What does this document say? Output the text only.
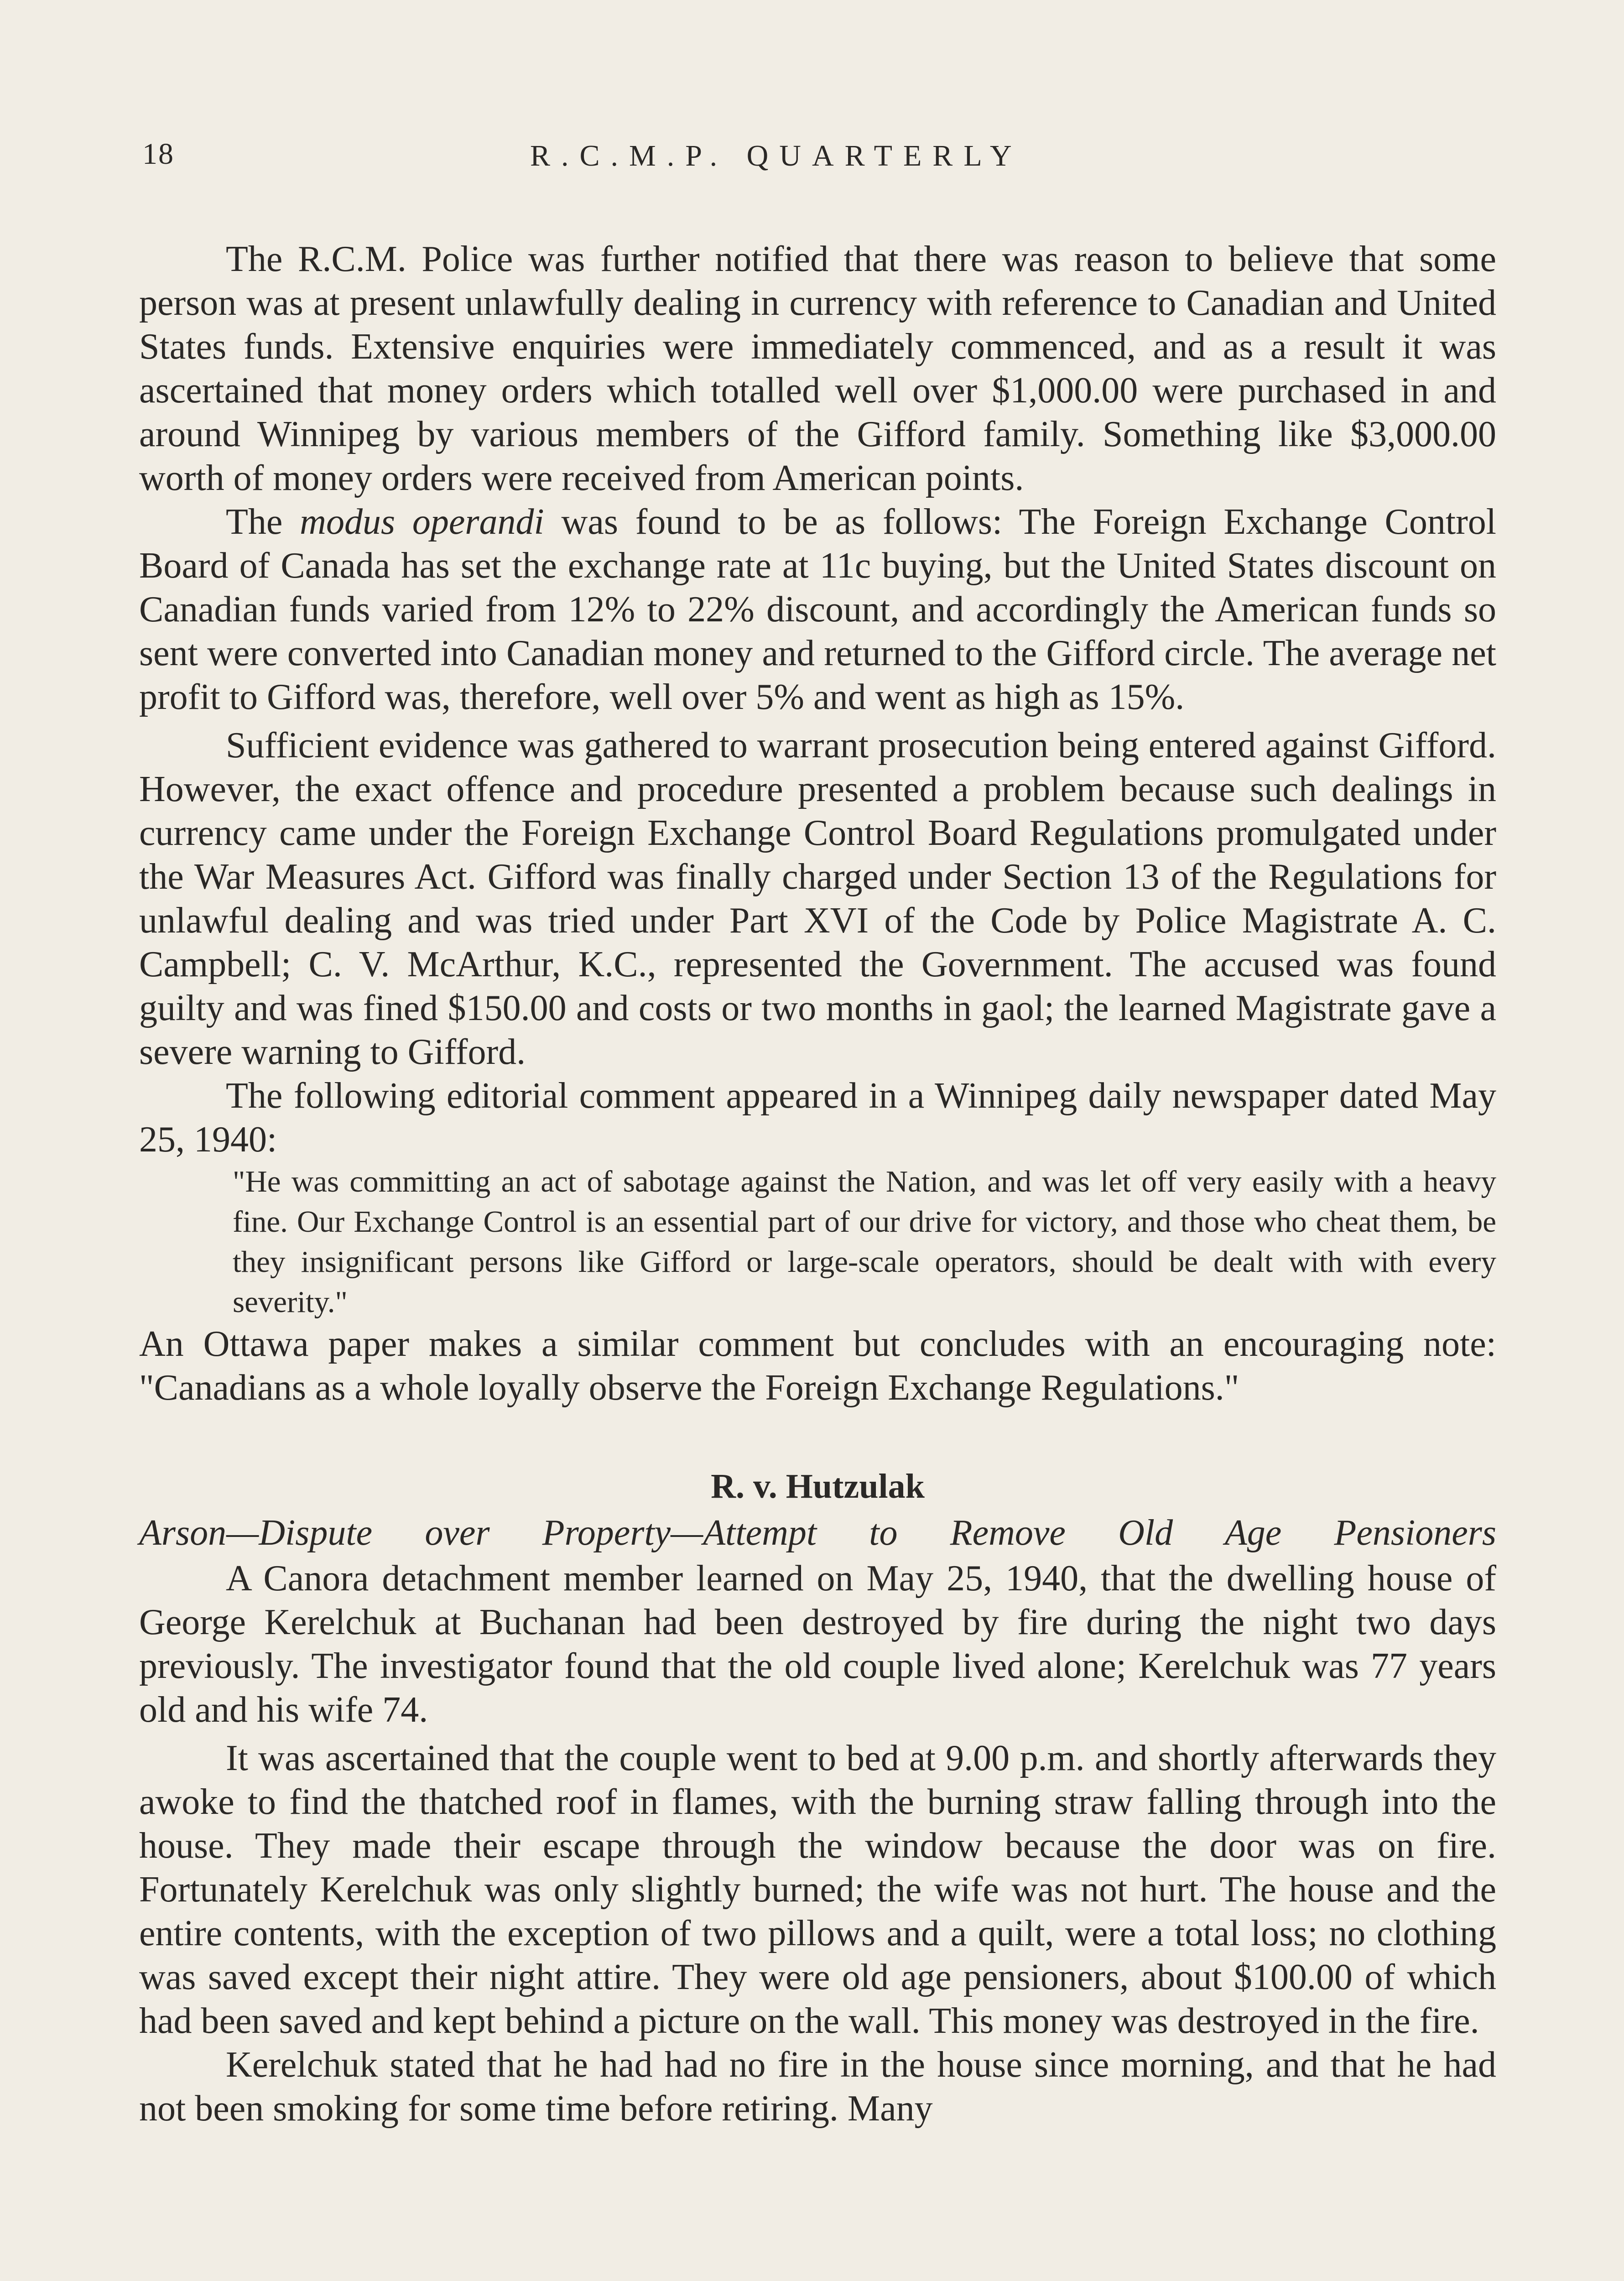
18	R.C.M.P. QUARTERLY

The R.C.M. Police was further notified that there was reason to believe that some person was at present unlawfully dealing in currency with reference to Canadian and United States funds. Extensive enquiries were immediately commenced, and as a result it was ascertained that money orders which totalled well over $1,000.00 were purchased in and around Winnipeg by various members of the Gifford family. Something like $3,000.00 worth of money orders were received from American points.

The modus operandi was found to be as follows: The Foreign Exchange Control Board of Canada has set the exchange rate at 11c buying, but the United States discount on Canadian funds varied from 12% to 22% discount, and accordingly the American funds so sent were converted into Canadian money and returned to the Gifford circle. The average net profit to Gifford was, therefore, well over 5% and went as high as 15%.

Sufficient evidence was gathered to warrant prosecution being entered against Gifford. However, the exact offence and procedure presented a problem because such dealings in currency came under the Foreign Exchange Control Board Regulations promulgated under the War Measures Act. Gifford was finally charged under Section 13 of the Regulations for unlawful dealing and was tried under Part XVI of the Code by Police Magistrate A. C. Campbell; C. V. McArthur, K.C., represented the Government. The accused was found guilty and was fined $150.00 and costs or two months in gaol; the learned Magistrate gave a severe warning to Gifford.

The following editorial comment appeared in a Winnipeg daily newspaper dated May 25, 1940:

"He was committing an act of sabotage against the Nation, and was let off very easily with a heavy fine. Our Exchange Control is an essential part of our drive for victory, and those who cheat them, be they insignificant persons like Gifford or large-scale operators, should be dealt with with every severity."

An Ottawa paper makes a similar comment but concludes with an encouraging note: "Canadians as a whole loyally observe the Foreign Exchange Regulations."

R. v. Hutzulak

Arson—Dispute over Property—Attempt to Remove Old Age Pensioners

A Canora detachment member learned on May 25, 1940, that the dwelling house of George Kerelchuk at Buchanan had been destroyed by fire during the night two days previously. The investigator found that the old couple lived alone; Kerelchuk was 77 years old and his wife 74.

It was ascertained that the couple went to bed at 9.00 p.m. and shortly afterwards they awoke to find the thatched roof in flames, with the burning straw falling through into the house. They made their escape through the window because the door was on fire. Fortunately Kerelchuk was only slightly burned; the wife was not hurt. The house and the entire contents, with the exception of two pillows and a quilt, were a total loss; no clothing was saved except their night attire. They were old age pensioners, about $100.00 of which had been saved and kept behind a picture on the wall. This money was destroyed in the fire.

Kerelchuk stated that he had had no fire in the house since morning, and that he had not been smoking for some time before retiring. Many
